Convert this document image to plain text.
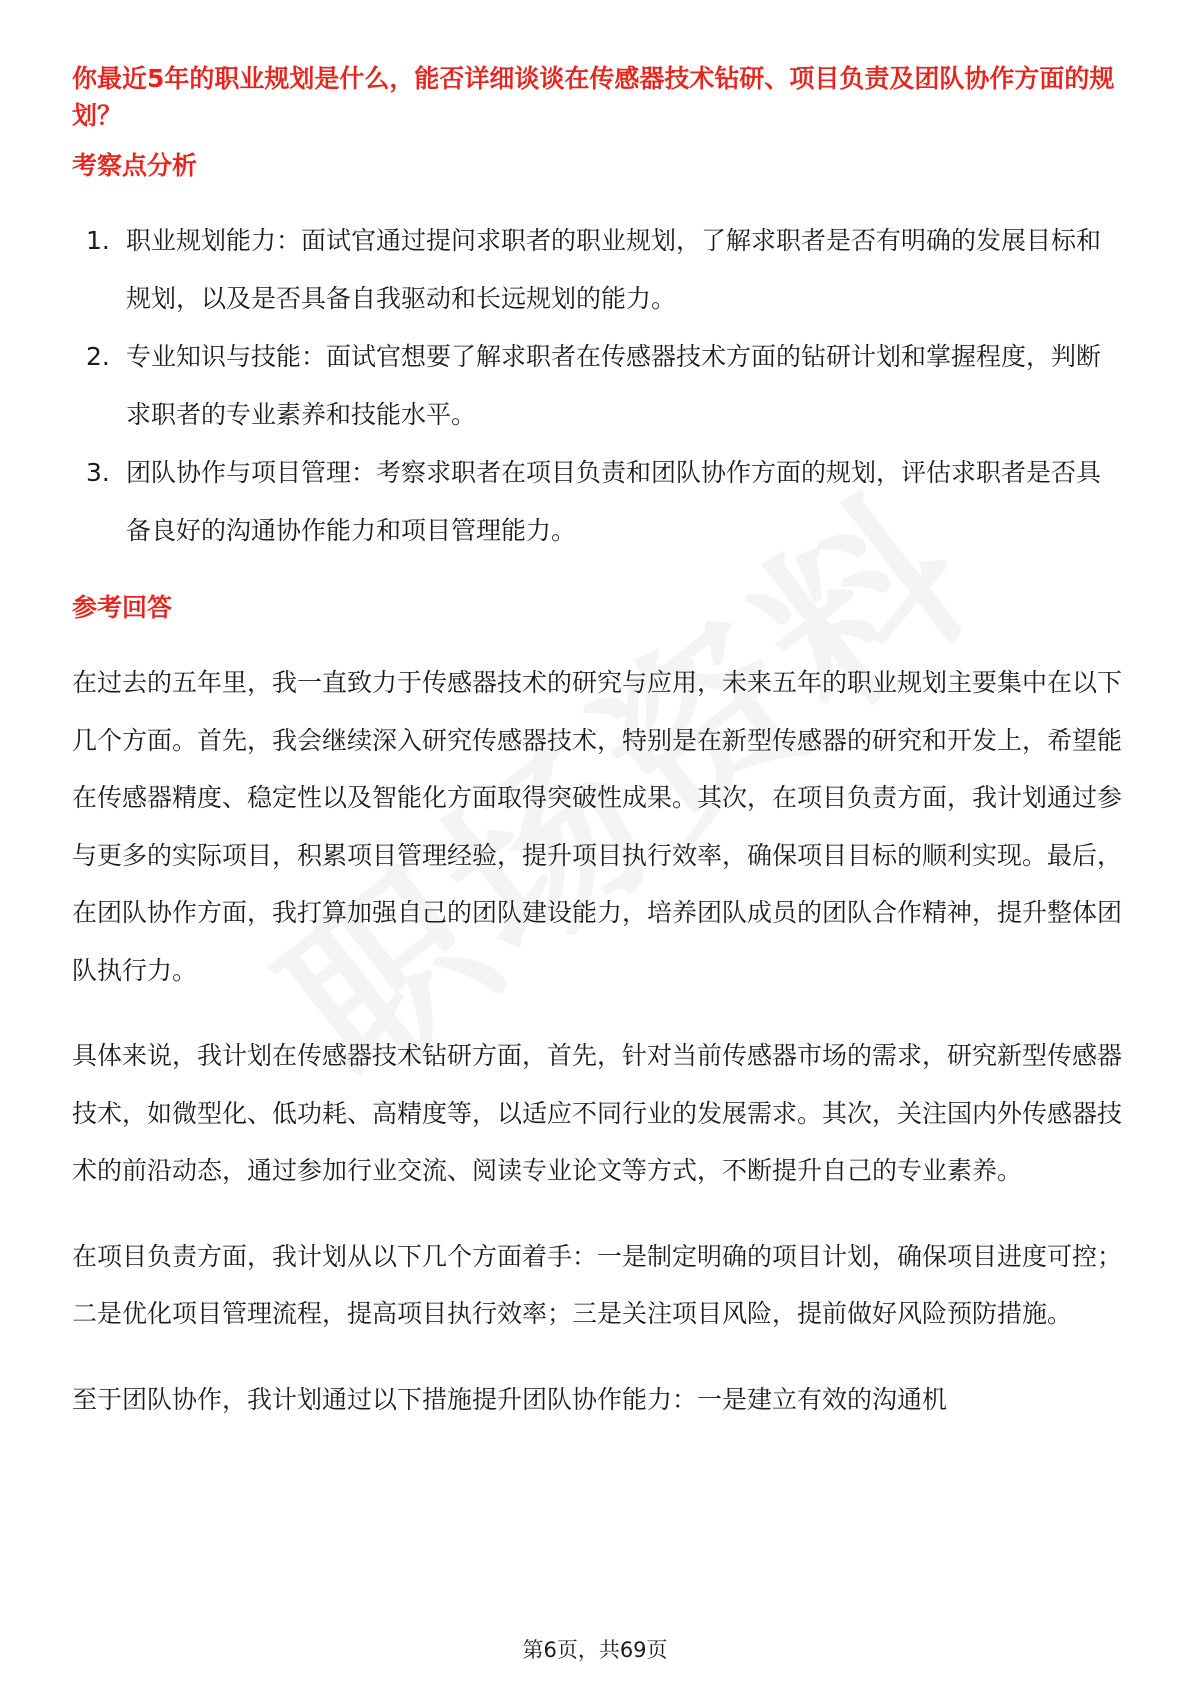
你最近5年的职业规划是什么，能否详细谈谈在传感器技术钻研、项目负责及团队协作方面的规划？
考察点分析
1. 职业规划能力：面试官通过提问求职者的职业规划，了解求职者是否有明确的发展目标和规划，以及是否具备自我驱动和长远规划的能力。
2. 专业知识与技能：面试官想要了解求职者在传感器技术方面的钻研计划和掌握程度，判断求职者的专业素养和技能水平。
3. 团队协作与项目管理：考察求职者在项目负责和团队协作方面的规划，评估求职者是否具备良好的沟通协作能力和项目管理能力。
参考回答

在过去的五年里，我一直致力于传感器技术的研究与应用，未来五年的职业规划主要集中在以下几个方面。首先，我会继续深入研究传感器技术，特别是在新型传感器的研究和开发上，希望能在传感器精度、稳定性以及智能化方面取得突破性成果。其次，在项目负责方面，我计划通过参与更多的实际项目，积累项目管理经验，提升项目执行效率，确保项目目标的顺利实现。最后，在团队协作方面，我打算加强自己的团队建设能力，培养团队成员的团队合作精神，提升整体团队执行力。

具体来说，我计划在传感器技术钻研方面，首先，针对当前传感器市场的需求，研究新型传感器技术，如微型化、低功耗、高精度等，以适应不同行业的发展需求。其次，关注国内外传感器技术的前沿动态，通过参加行业交流、阅读专业论文等方式，不断提升自己的专业素养。

在项目负责方面，我计划从以下几个方面着手：一是制定明确的项目计划，确保项目进度可控；二是优化项目管理流程，提高项目执行效率；三是关注项目风险，提前做好风险预防措施。

至于团队协作，我计划通过以下措施提升团队协作能力：一是建立有效的沟通机

第6页，共69页
